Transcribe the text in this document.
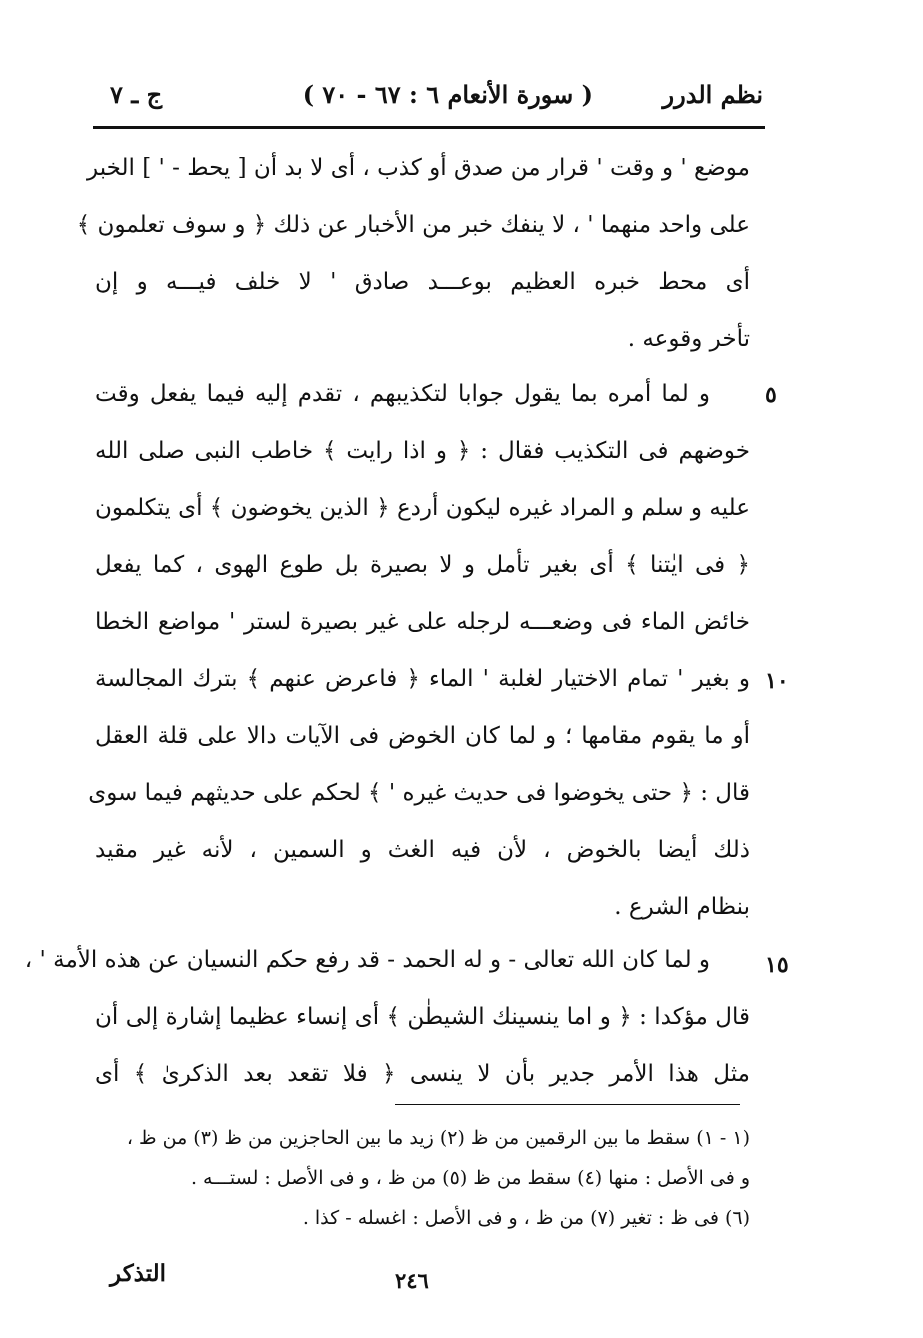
نظم الدرر
( سورة الأنعام ٦ : ٦٧ - ٧٠ )
ج ـ ٧
موضع ' و وقت ' قرار من صدق أو كذب ، أى لا بد أن [ يحط - ' ] الخبر
على واحد منهما ' ، لا ينفك خبر من الأخبار عن ذلك ﴿ و سوف تعلمون ﴾
أى محط خبره العظيم بوعـــد صادق ' لا خلف فيـــه و إن
تأخر وقوعه .
و لما أمره بما يقول جوابا لتكذيبهم ، تقدم إليه فيما يفعل وقت
خوضهم فى التكذيب فقال : ﴿ و اذا رايت ﴾ خاطب النبى صلى الله
عليه و سلم و المراد غيره ليكون أردع ﴿ الذين يخوضون ﴾ أى يتكلمون
﴿ فى ايٰتنا ﴾ أى بغير تأمل و لا بصيرة بل طوع الهوى ، كما يفعل
خائض الماء فى وضعـــه لرجله على غير بصيرة لستر ' مواضع الخطا
و بغير ' تمام الاختيار لغلبة ' الماء ﴿ فاعرض عنهم ﴾ بترك المجالسة
أو ما يقوم مقامها ؛ و لما كان الخوض فى الآيات دالا على قلة العقل
قال : ﴿ حتى يخوضوا فى حديث غيره ' ﴾ لحكم على حديثهم فيما سوى
ذلك أيضا بالخوض ، لأن فيه الغث و السمين ، لأنه غير مقيد
بنظام الشرع .
و لما كان الله تعالى - و له الحمد - قد رفع حكم النسيان عن هذه الأمة ' ،
قال مؤكدا : ﴿ و اما ينسينك الشيطٰن ﴾ أى إنساء عظيما إشارة إلى أن
مثل هذا الأمر جدير بأن لا ينسى ﴿ فلا تقعد بعد الذكرىٰ ﴾ أى
٥
١٠
١٥
(١ - ١) سقط ما بين الرقمين من ظ (٢) زيد ما بين الحاجزين من ظ (٣) من ظ ،
و فى الأصل : منها (٤) سقط من ظ (٥) من ظ ، و فى الأصل : لستـــه .
(٦) فى ظ : تغير (٧) من ظ ، و فى الأصل : اغسله - كذا .
التذكر	٢٤٦
